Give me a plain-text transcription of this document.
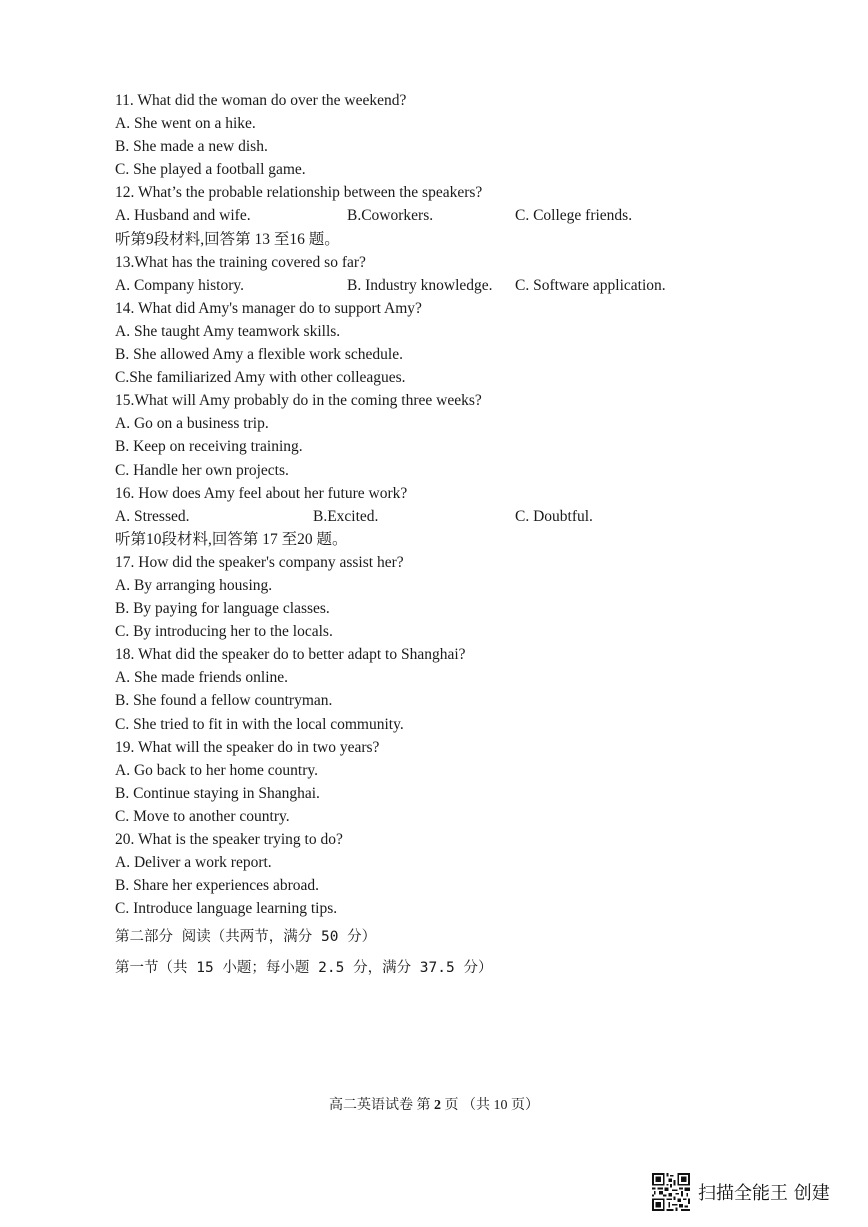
11. What did the woman do over the weekend?
A. She went on a hike.
B. She made a new dish.
C. She played a football game.
12. What’s the probable relationship between the speakers?
A. Husband and wife.	B.Coworkers.	C. College friends.
听第9段材料,回答第 13 至16 题。
13.What has the training covered so far?
A. Company history.	B. Industry knowledge.	C. Software application.
14. What did Amy's manager do to support Amy?
A. She taught Amy teamwork skills.
B. She allowed Amy a flexible work schedule.
C.She familiarized Amy with other colleagues.
15.What will Amy probably do in the coming three weeks?
A. Go on a business trip.
B. Keep on receiving training.
C. Handle her own projects.
16. How does Amy feel about her future work?
A. Stressed.	B.Excited.	C. Doubtful.
听第10段材料,回答第 17 至20 题。
17. How did the speaker's company assist her?
A. By arranging housing.
B. By paying for language classes.
C. By introducing her to the locals.
18. What did the speaker do to better adapt to Shanghai?
A. She made friends online.
B. She found a fellow countryman.
C. She tried to fit in with the local community.
19. What will the speaker do in two years?
A. Go back to her home country.
B. Continue staying in Shanghai.
C. Move to another country.
20. What is the speaker trying to do?
A. Deliver a work report.
B. Share her experiences abroad.
C. Introduce language learning tips.
第二部分 阅读（共两节，满分 50 分）
第一节（共 15 小题；每小题 2.5 分，满分 37.5 分）
高二英语试卷 第 2 页 （共 10 页）
扫描全能王 创建
